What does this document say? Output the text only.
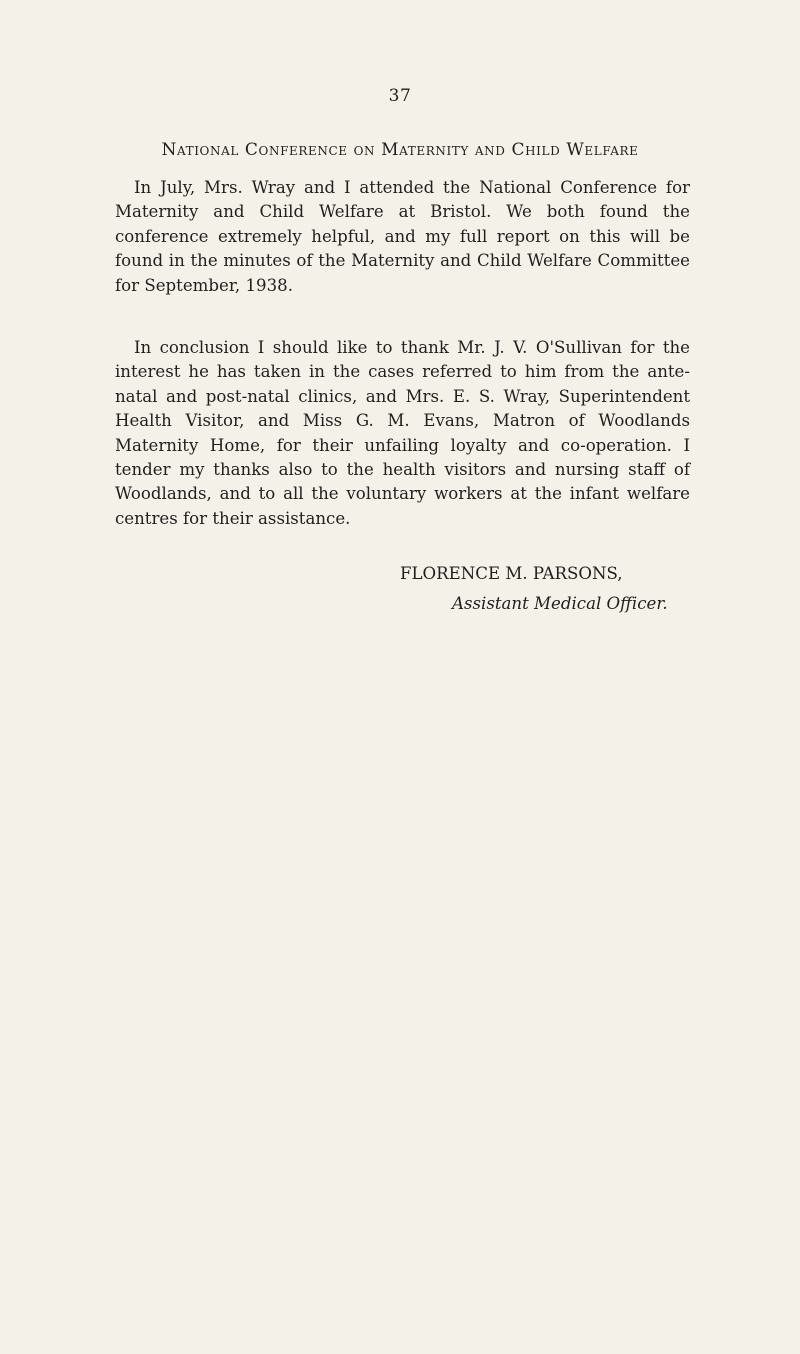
37
National Conference on Maternity and Child Welfare

In July, Mrs. Wray and I attended the National Conference for Maternity and Child Welfare at Bristol. We both found the conference extremely helpful, and my full report on this will be found in the minutes of the Maternity and Child Welfare Committee for September, 1938.

In conclusion I should like to thank Mr. J. V. O'Sullivan for the interest he has taken in the cases referred to him from the ante-natal and post-natal clinics, and Mrs. E. S. Wray, Superintendent Health Visitor, and Miss G. M. Evans, Matron of Woodlands Maternity Home, for their unfailing loyalty and co-operation. I tender my thanks also to the health visitors and nursing staff of Woodlands, and to all the voluntary workers at the infant welfare centres for their assistance.

FLORENCE M. PARSONS,
Assistant Medical Officer.
